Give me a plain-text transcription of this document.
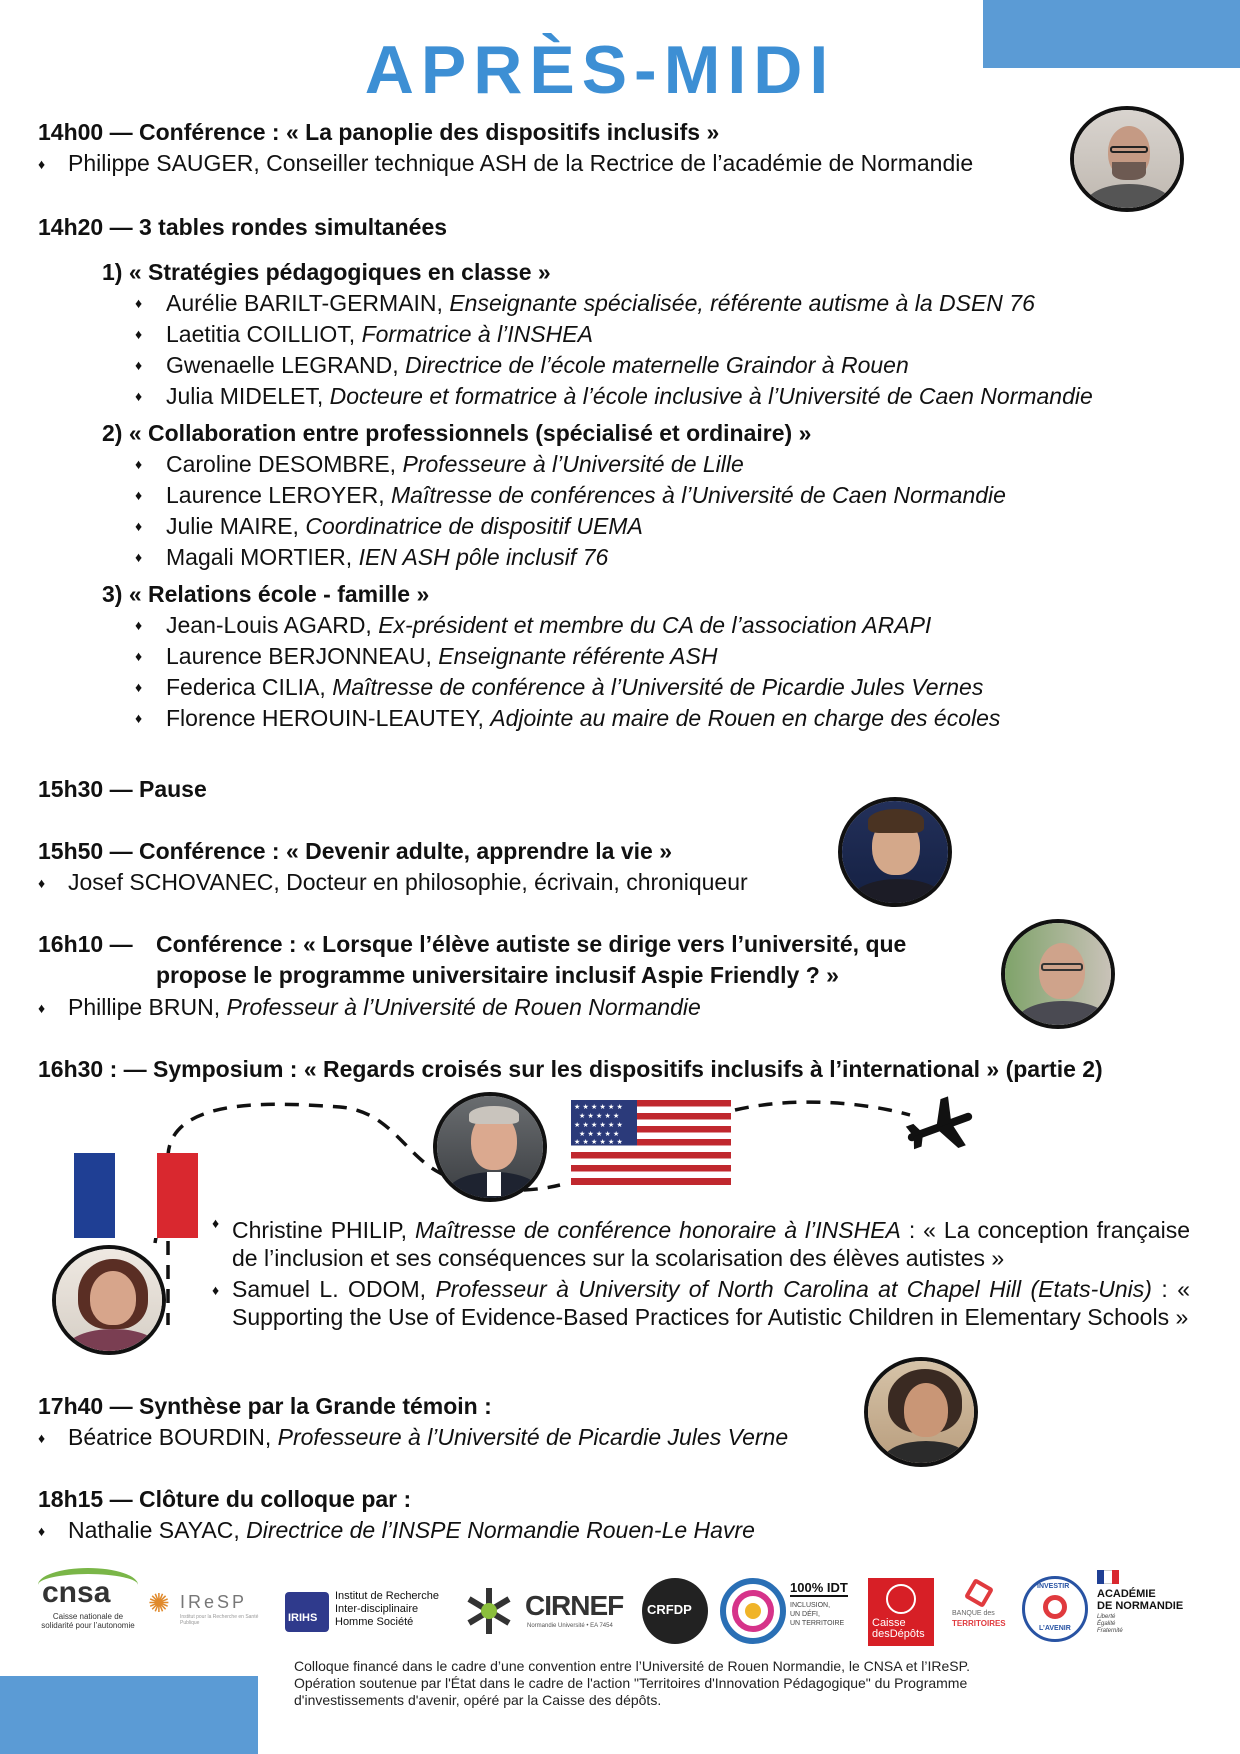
APRÈS-MIDI
14h00 — Conférence : « La panoplie des dispositifs inclusifs »
♦ Philippe SAUGER, Conseiller technique ASH de la Rectrice de l’académie de Normandie
14h20 — 3 tables rondes simultanées
1) « Stratégies pédagogiques en classe »
♦ Aurélie BARILT-GERMAIN, Enseignante spécialisée, référente autisme à la DSEN 76
♦ Laetitia COILLIOT, Formatrice à l’INSHEA
♦ Gwenaelle LEGRAND, Directrice de l’école maternelle Graindor à Rouen
♦ Julia MIDELET, Docteure et formatrice à l’école inclusive à l’Université de Caen Normandie
2) « Collaboration entre professionnels (spécialisé et ordinaire) »
♦ Caroline DESOMBRE, Professeure à l’Université de Lille
♦ Laurence LEROYER, Maîtresse de conférences à l’Université de Caen Normandie
♦ Julie MAIRE, Coordinatrice de dispositif UEMA
♦ Magali MORTIER, IEN ASH pôle inclusif 76
3) « Relations école - famille »
♦ Jean-Louis AGARD, Ex-président et membre du CA de l’association ARAPI
♦ Laurence BERJONNEAU, Enseignante référente ASH
♦ Federica CILIA, Maîtresse de conférence à l’Université de Picardie Jules Vernes
♦ Florence HEROUIN-LEAUTEY, Adjointe au maire de Rouen en charge des écoles
15h30 — Pause
15h50 — Conférence : « Devenir adulte, apprendre la vie »
♦ Josef SCHOVANEC, Docteur en philosophie, écrivain, chroniqueur
16h10 — Conférence : « Lorsque l’élève autiste se dirige vers l’université, que
propose le programme universitaire inclusif Aspie Friendly ? »
♦ Phillipe BRUN, Professeur à l’Université de Rouen Normandie
16h30 : — Symposium : « Regards croisés sur les dispositifs inclusifs à l’international » (partie 2)
★ ★ ★ ★ ★ ★
★ ★ ★ ★ ★
★ ★ ★ ★ ★ ★
★ ★ ★ ★ ★
★ ★ ★ ★ ★ ★
♦ Christine PHILIP, Maîtresse de conférence honoraire à l’INSHEA : « La conception française de l’inclusion et ses conséquences sur la scolarisation des élèves autistes »
♦ Samuel L. ODOM, Professeur à University of North Carolina at Chapel Hill (Etats-Unis) : « Supporting the Use of Evidence-Based Practices for Autistic Children in Elementary Schools »
17h40 — Synthèse par la Grande témoin :
♦ Béatrice BOURDIN, Professeure à l’Université de Picardie Jules Verne
18h15 — Clôture du colloque par :
♦ Nathalie SAYAC, Directrice de l’INSPE Normandie Rouen-Le Havre
cnsa
Caisse nationale de solidarité pour l’autonomie
✺ IReSP
Institut pour la Recherche en Santé Publique	IRIHS
Institut de Recherche
Inter-disciplinaire
Homme Société
CIRNEF
Normandie Université • EA 7454
CRFDP
100% IDT
INCLUSION,
UN DÉFI,
UN TERRITOIRE	Caisse
desDépôts
BANQUE des
TERRITOIRES
INVESTIR
L’AVENIR
ACADÉMIE
DE NORMANDIE
Liberté
Égalité
Fraternité
Colloque financé dans le cadre d’une convention entre l’Université de Rouen Normandie, le CNSA et l’IReSP.
Opération soutenue par l'État dans le cadre de l'action "Territoires d'Innovation Pédagogique" du Programme
d'investissements d'avenir, opéré par la Caisse des dépôts.
